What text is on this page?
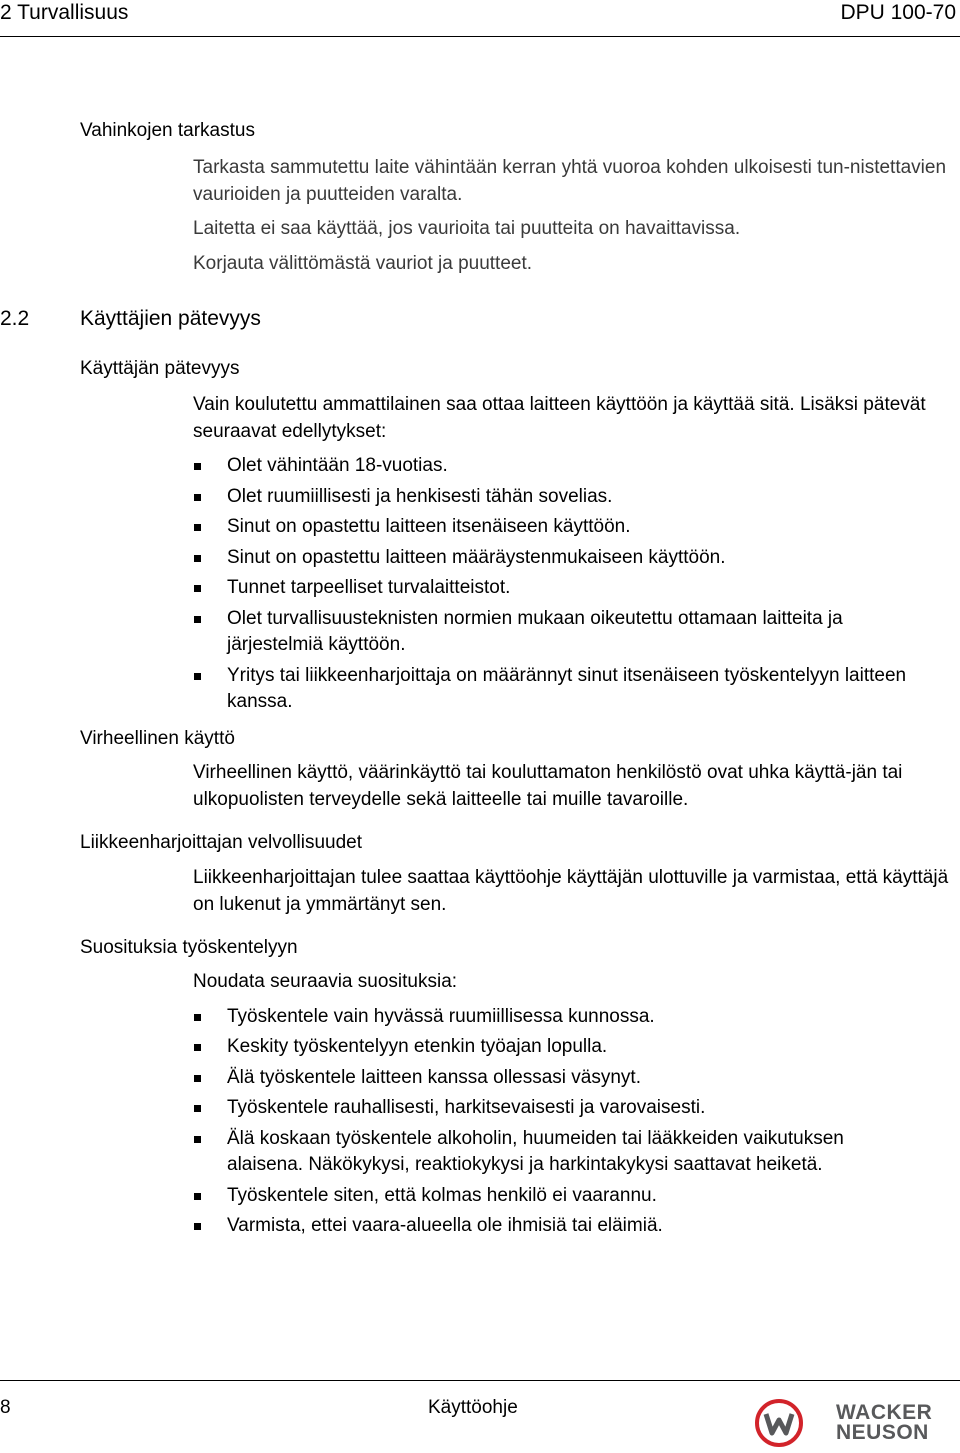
2 Turvallisuus	DPU 100-70
Vahinkojen tarkastus

Tarkasta sammutettu laite vähintään kerran yhtä vuoroa kohden ulkoisesti tun-nistettavien vaurioiden ja puutteiden varalta.

Laitetta ei saa käyttää, jos vaurioita tai puutteita on havaittavissa.

Korjauta välittömästä vauriot ja puutteet.

2.2 Käyttäjien pätevyys
Käyttäjän pätevyys

Vain koulutettu ammattilainen saa ottaa laitteen käyttöön ja käyttää sitä. Lisäksi pätevät seuraavat edellytykset:

Olet vähintään 18-vuotias.
Olet ruumiillisesti ja henkisesti tähän sovelias.
Sinut on opastettu laitteen itsenäiseen käyttöön.
Sinut on opastettu laitteen määräystenmukaiseen käyttöön.
Tunnet tarpeelliset turvalaitteistot.
Olet turvallisuusteknisten normien mukaan oikeutettu ottamaan laitteita ja järjestelmiä käyttöön.
Yritys tai liikkeenharjoittaja on määrännyt sinut itsenäiseen työskentelyyn laitteen kanssa.
Virheellinen käyttö

Virheellinen käyttö, väärinkäyttö tai kouluttamaton henkilöstö ovat uhka käyttä-jän tai ulkopuolisten terveydelle sekä laitteelle tai muille tavaroille.

Liikkeenharjoittajan velvollisuudet

Liikkeenharjoittajan tulee saattaa käyttöohje käyttäjän ulottuville ja varmistaa, että käyttäjä on lukenut ja ymmärtänyt sen.

Suosituksia työskentelyyn

Noudata seuraavia suosituksia:

Työskentele vain hyvässä ruumiillisessa kunnossa.
Keskity työskentelyyn etenkin työajan lopulla.
Älä työskentele laitteen kanssa ollessasi väsynyt.
Työskentele rauhallisesti, harkitsevaisesti ja varovaisesti.
Älä koskaan työskentele alkoholin, huumeiden tai lääkkeiden vaikutuksen alaisena. Näkökykysi, reaktiokykysi ja harkintakykysi saattavat heiketä.
Työskentele siten, että kolmas henkilö ei vaarannu.
Varmista, ettei vaara-alueella ole ihmisiä tai eläimiä.
8	Käyttöohje	WACKER
NEUSON
